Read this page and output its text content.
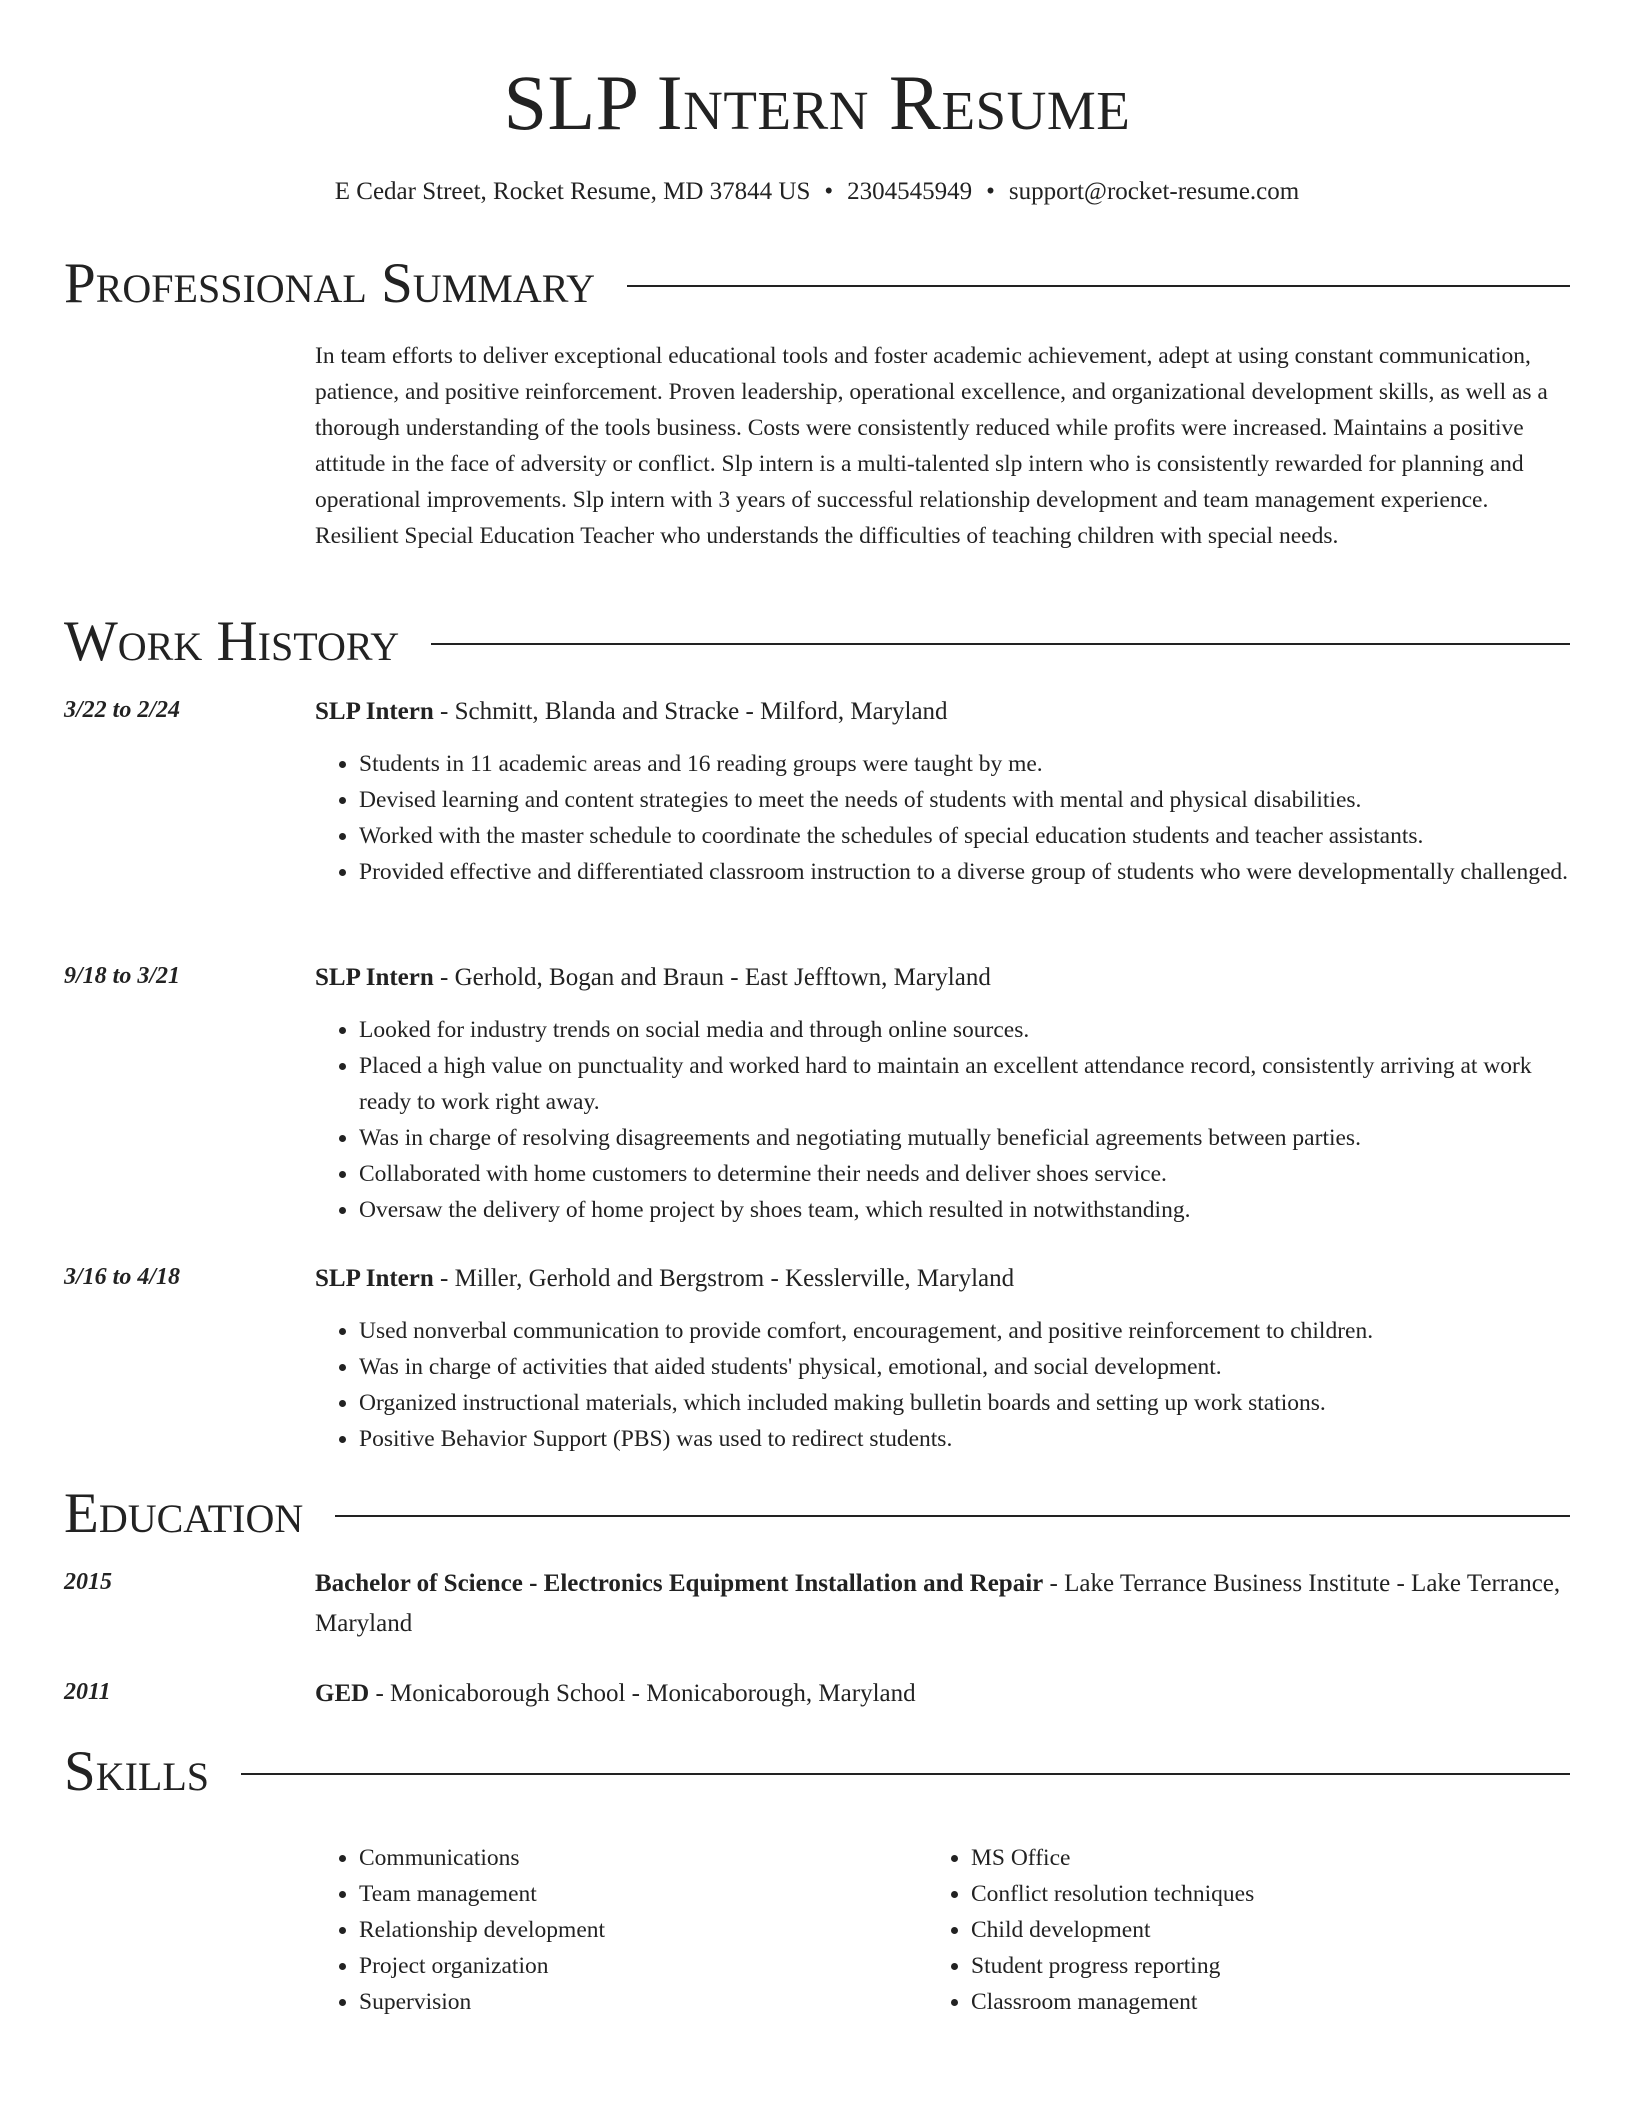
SLP Intern Resume
E Cedar Street, Rocket Resume, MD 37844 US • 2304545949 • support@rocket-resume.com
Professional Summary
In team efforts to deliver exceptional educational tools and foster academic achievement, adept at using constant communication, patience, and positive reinforcement. Proven leadership, operational excellence, and organizational development skills, as well as a thorough understanding of the tools business. Costs were consistently reduced while profits were increased. Maintains a positive attitude in the face of adversity or conflict. Slp intern is a multi-talented slp intern who is consistently rewarded for planning and operational improvements. Slp intern with 3 years of successful relationship development and team management experience. Resilient Special Education Teacher who understands the difficulties of teaching children with special needs.
Work History
3/22 to 2/24	SLP Intern - Schmitt, Blanda and Stracke - Milford, Maryland
• Students in 11 academic areas and 16 reading groups were taught by me.
• Devised learning and content strategies to meet the needs of students with mental and physical disabilities.
• Worked with the master schedule to coordinate the schedules of special education students and teacher assistants.
• Provided effective and differentiated classroom instruction to a diverse group of students who were developmentally challenged.
9/18 to 3/21	SLP Intern - Gerhold, Bogan and Braun - East Jefftown, Maryland
• Looked for industry trends on social media and through online sources.
• Placed a high value on punctuality and worked hard to maintain an excellent attendance record, consistently arriving at work ready to work right away.
• Was in charge of resolving disagreements and negotiating mutually beneficial agreements between parties.
• Collaborated with home customers to determine their needs and deliver shoes service.
• Oversaw the delivery of home project by shoes team, which resulted in notwithstanding.
3/16 to 4/18	SLP Intern - Miller, Gerhold and Bergstrom - Kesslerville, Maryland
• Used nonverbal communication to provide comfort, encouragement, and positive reinforcement to children.
• Was in charge of activities that aided students' physical, emotional, and social development.
• Organized instructional materials, which included making bulletin boards and setting up work stations.
• Positive Behavior Support (PBS) was used to redirect students.
Education
2015	Bachelor of Science - Electronics Equipment Installation and Repair - Lake Terrance Business Institute - Lake Terrance, Maryland
2011	GED - Monicaborough School - Monicaborough, Maryland
Skills
• Communications
• Team management
• Relationship development
• Project organization
• Supervision
• MS Office
• Conflict resolution techniques
• Child development
• Student progress reporting
• Classroom management
